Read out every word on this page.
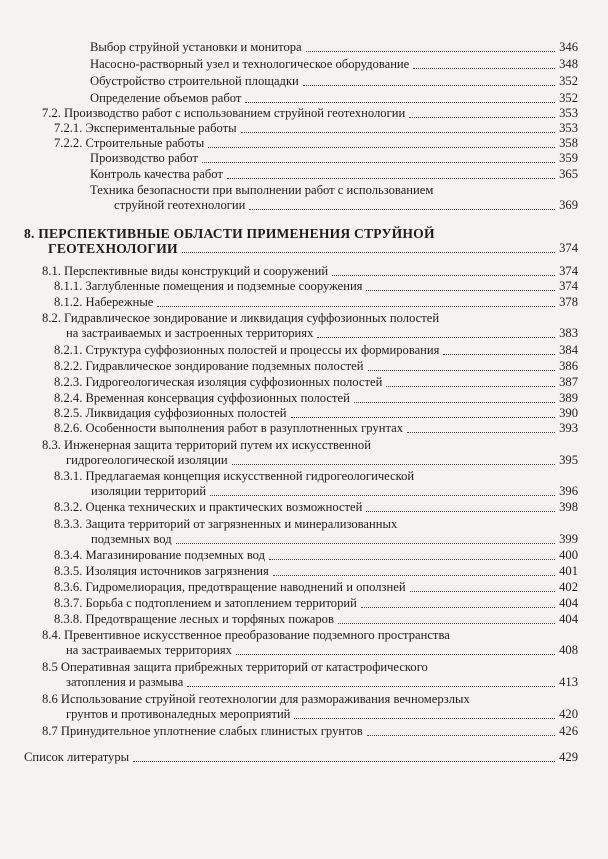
Выбор струйной установки и монитора	346
Насосно-растворный узел и технологическое оборудование	348
Обустройство строительной площадки	352
Определение объемов работ	352
7.2. Производство работ с использованием струйной геотехнологии	353
7.2.1. Экспериментальные работы	353
7.2.2. Строительные работы	358
Производство работ	359
Контроль качества работ	365
Техника безопасности при выполнении работ с использованием
струйной геотехнологии	369
8. ПЕРСПЕКТИВНЫЕ ОБЛАСТИ ПРИМЕНЕНИЯ СТРУЙНОЙ
ГЕОТЕХНОЛОГИИ	374
8.1. Перспективные виды конструкций и сооружений	374
8.1.1. Заглубленные помещения и подземные сооружения	374
8.1.2. Набережные	378
8.2. Гидравлическое зондирование и ликвидация суффозионных полостей
на застраиваемых и застроенных территориях	383
8.2.1. Структура суффозионных полостей и процессы их формирования	384
8.2.2. Гидравлическое зондирование подземных полостей	386
8.2.3. Гидрогеологическая изоляция суффозионных полостей	387
8.2.4. Временная консервация суффозионных полостей	389
8.2.5. Ликвидация суффозионных полостей	390
8.2.6. Особенности выполнения работ в разуплотненных грунтах	393
8.3. Инженерная защита территорий путем их искусственной
гидрогеологической изоляции	395
8.3.1. Предлагаемая концепция искусственной гидрогеологической
изоляции территорий	396
8.3.2. Оценка технических и практических возможностей	398
8.3.3. Защита территорий от загрязненных и минерализованных
подземных вод	399
8.3.4. Магазинирование подземных вод	400
8.3.5. Изоляция источников загрязнения	401
8.3.6. Гидромелиорация, предотвращение наводнений и оползней	402
8.3.7. Борьба с подтоплением и затоплением территорий	404
8.3.8. Предотвращение лесных и торфяных пожаров	404
8.4. Превентивное искусственное преобразование подземного пространства
на застраиваемых территориях	408
8.5 Оперативная защита прибрежных территорий от катастрофического
затопления и размыва	413
8.6 Использование струйной геотехнологии для размораживания вечномерзлых
грунтов и противоналедных мероприятий	420
8.7 Принудительное уплотнение слабых глинистых грунтов	426
Список литературы	429
